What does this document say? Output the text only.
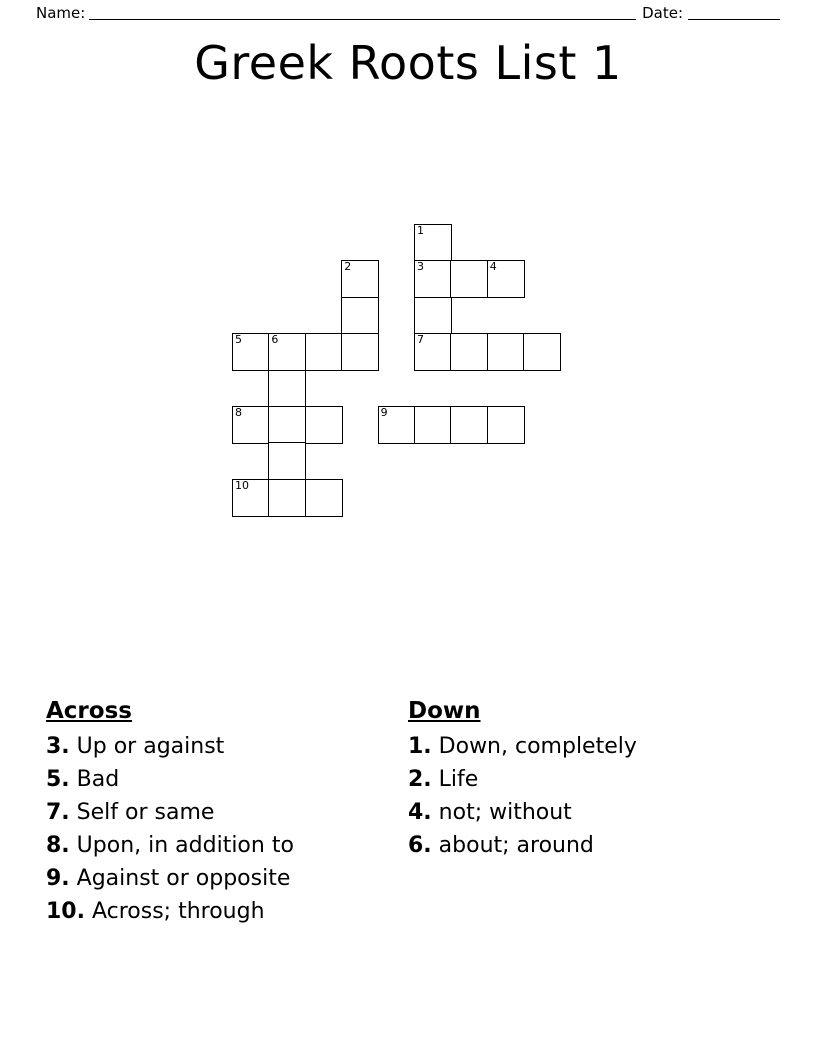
Name:	Date:
Greek Roots List 1
1
2	3	4
5	6	7
8	9
10
Across
3. Up or against
5. Bad
7. Self or same
8. Upon, in addition to
9. Against or opposite
10. Across; through
Down
1. Down, completely
2. Life
4. not; without
6. about; around
